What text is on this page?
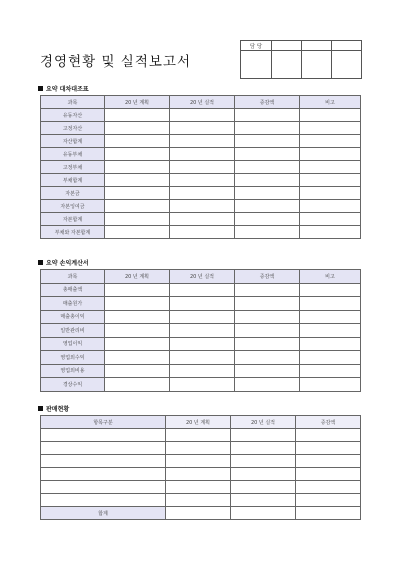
경영현황 및 실적보고서
담 당			

요약 대차대조표
과목	20 년 계획	20 년 실적	증감액	비고
유동자산				
고정자산				
자산합계				
유동부채				
고정부채				
부채합계				
자본금				
자본잉여금				
자본합계				
부채와 자본합계				
요약 손익계산서
과목	20 년 계획	20 년 실적	증감액	비고
총매출액				
매출원가				
매출총이익				
일반관리비				
영업이익				
영업외수익				
영업외비용				
경상수익				
판매현황
항목구분	20 년 계획	20 년 실적	증감액

합계			
